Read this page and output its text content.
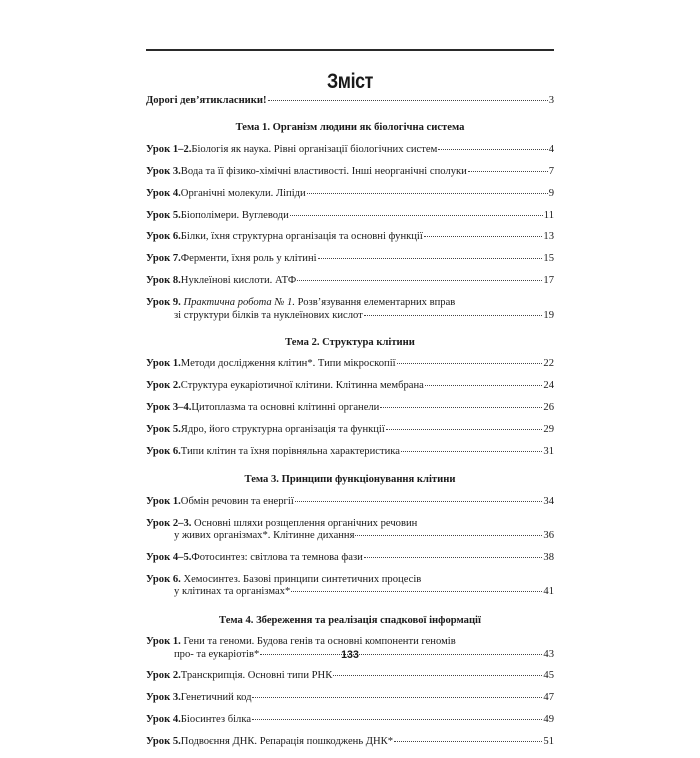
Зміст
Дорогі дев’ятикласники!	3
Тема 1. Організм людини як біологічна система
Урок 1–2. Біологія як наука. Рівні організації біологічних систем	4
Урок 3. Вода та її фізико-хімічні властивості. Інші неорганічні сполуки	7
Урок 4. Органічні молекули. Ліпіди	9
Урок 5. Біополімери. Вуглеводи	11
Урок 6. Білки, їхня структурна організація та основні функції	13
Урок 7. Ферменти, їхня роль у клітині	15
Урок 8. Нуклеїнові кислоти. АТФ	17
Урок 9. Практична робота № 1. Розв’язування елементарних вправ
зі структури білків та нуклеїнових кислот	19
Тема 2. Структура клітини
Урок 1. Методи дослідження клітин*. Типи мікроскопії	22
Урок 2. Структура еукаріотичної клітини. Клітинна мембрана	24
Урок 3–4. Цитоплазма та основні клітинні органели	26
Урок 5. Ядро, його структурна організація та функції	29
Урок 6. Типи клітин та їхня порівняльна характеристика	31
Тема 3. Принципи функціонування клітини
Урок 1. Обмін речовин та енергії	34
Урок 2–3. Основні шляхи розщеплення органічних речовин
у живих організмах*. Клітинне дихання	36
Урок 4–5. Фотосинтез: світлова та темнова фази	38
Урок 6. Хемосинтез. Базові принципи синтетичних процесів
у клітинах та організмах*	41
Тема 4. Збереження та реалізація спадкової інформації
Урок 1. Гени та геноми. Будова генів та основні компоненти геномів
про- та еукаріотів*	43
Урок 2. Транскрипція. Основні типи РНК	45
Урок 3. Генетичний код	47
Урок 4. Біосинтез білка	49
Урок 5. Подвоєння ДНК. Репарація пошкоджень ДНК*	51
133
